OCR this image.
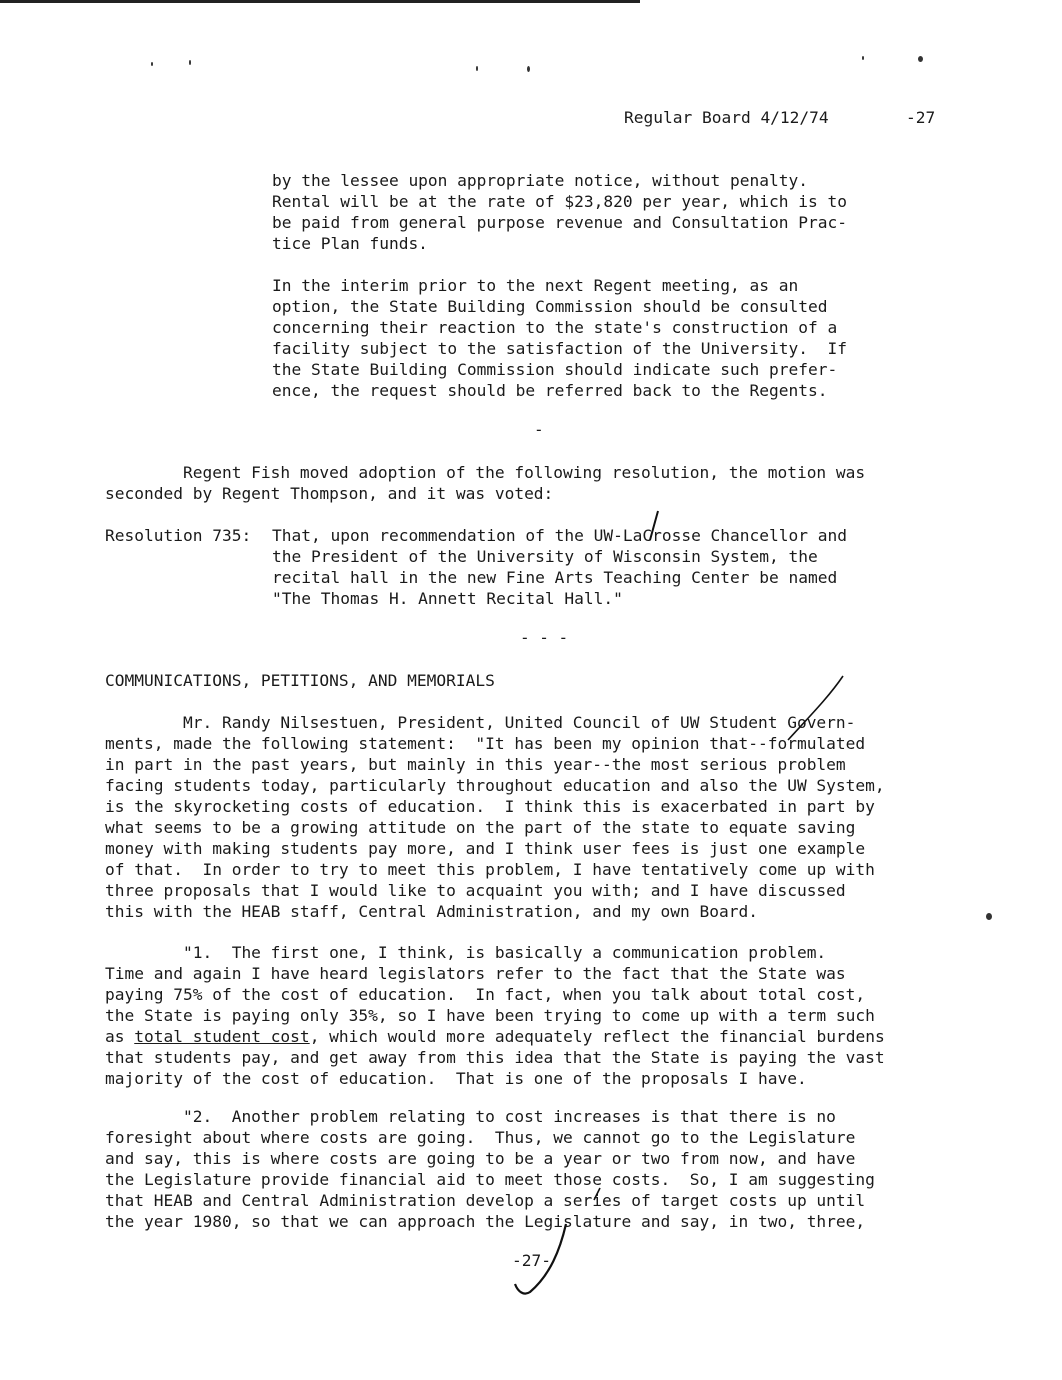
Regular Board 4/12/74	-27
by the lessee upon appropriate notice, without penalty.
Rental will be at the rate of $23,820 per year, which is to
be paid from general purpose revenue and Consultation Prac-
tice Plan funds.
In the interim prior to the next Regent meeting, as an
option, the State Building Commission should be consulted
concerning their reaction to the state's construction of a
facility subject to the satisfaction of the University.  If
the State Building Commission should indicate such prefer-
ence, the request should be referred back to the Regents.
-
Regent Fish moved adoption of the following resolution, the motion was
seconded by Regent Thompson, and it was voted:
Resolution 735: That, upon recommendation of the UW-LaCrosse Chancellor and
the President of the University of Wisconsin System, the
recital hall in the new Fine Arts Teaching Center be named
"The Thomas H. Annett Recital Hall."
- - -
COMMUNICATIONS, PETITIONS, AND MEMORIALS
Mr. Randy Nilsestuen, President, United Council of UW Student Govern-
ments, made the following statement:  "It has been my opinion that--formulated
in part in the past years, but mainly in this year--the most serious problem
facing students today, particularly throughout education and also the UW System,
is the skyrocketing costs of education.  I think this is exacerbated in part by
what seems to be a growing attitude on the part of the state to equate saving
money with making students pay more, and I think user fees is just one example
of that.  In order to try to meet this problem, I have tentatively come up with
three proposals that I would like to acquaint you with; and I have discussed
this with the HEAB staff, Central Administration, and my own Board.
"1.  The first one, I think, is basically a communication problem.
Time and again I have heard legislators refer to the fact that the State was
paying 75% of the cost of education.  In fact, when you talk about total cost,
the State is paying only 35%, so I have been trying to come up with a term such
as total student cost, which would more adequately reflect the financial burdens
that students pay, and get away from this idea that the State is paying the vast
majority of the cost of education.  That is one of the proposals I have.
"2.  Another problem relating to cost increases is that there is no
foresight about where costs are going.  Thus, we cannot go to the Legislature
and say, this is where costs are going to be a year or two from now, and have
the Legislature provide financial aid to meet those costs.  So, I am suggesting
that HEAB and Central Administration develop a series of target costs up until
the year 1980, so that we can approach the Legislature and say, in two, three,
-27-
